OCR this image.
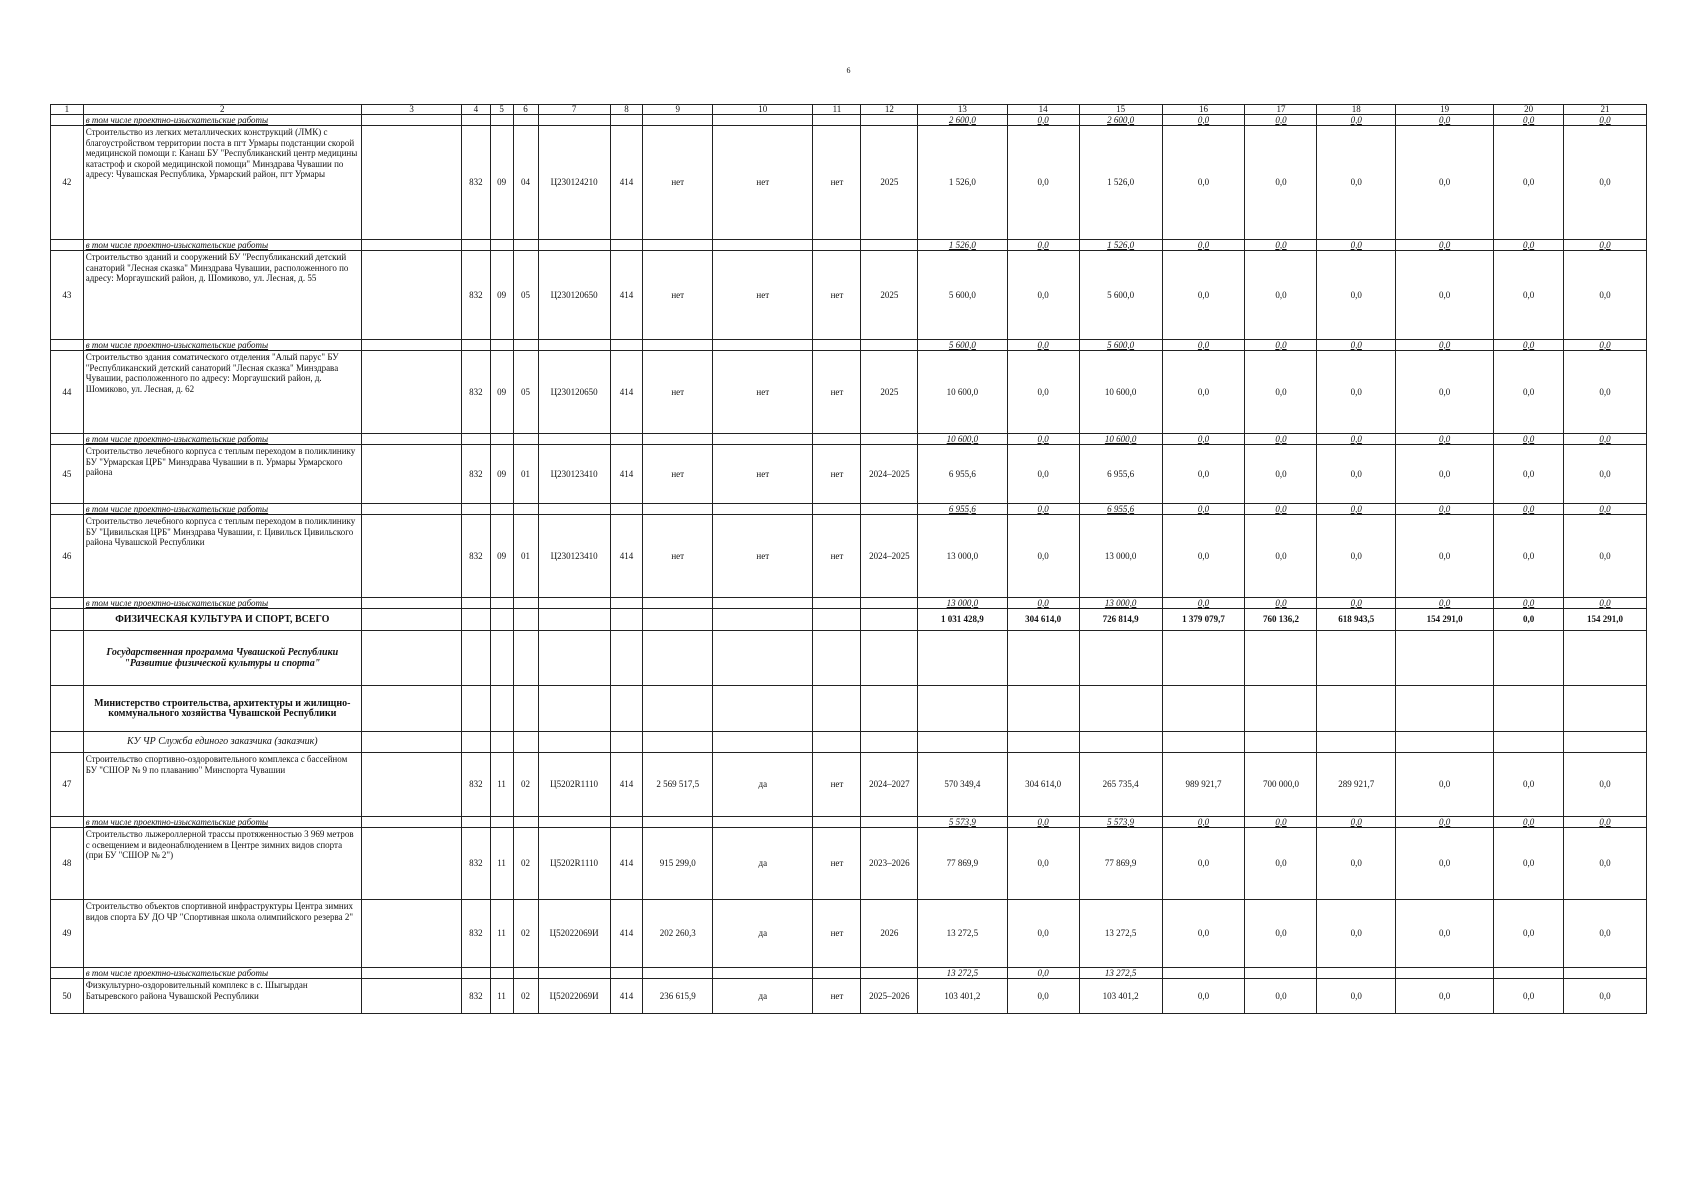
6
1	2	3	4	5	6	7	8	9	10	11	12	13	14	15	16	17	18	19	20	21
	в том числе проектно-изыскательские работы											2 600,0	0,0	2 600,0	0,0	0,0	0,0	0,0	0,0	0,0
42	Строительство из легких металлических конструкций (ЛМК) с благоустройством территории поста в пгт Урмары подстанции скорой медицинской помощи г. Канаш БУ "Республиканский центр медицины катастроф и скорой медицинской помощи" Минздрава Чувашии по адресу: Чувашская Республика, Урмарский район, пгт Урмары		832	09	04	Ц230124210	414	нет	нет	нет	2025	1 526,0	0,0	1 526,0	0,0	0,0	0,0	0,0	0,0	0,0
	в том числе проектно-изыскательские работы											1 526,0	0,0	1 526,0	0,0	0,0	0,0	0,0	0,0	0,0
43	Строительство зданий и сооружений БУ "Республиканский детский санаторий "Лесная сказка" Минздрава Чувашии, расположенного по адресу: Моргаушский район, д. Шомиково, ул. Лесная, д. 55		832	09	05	Ц230120650	414	нет	нет	нет	2025	5 600,0	0,0	5 600,0	0,0	0,0	0,0	0,0	0,0	0,0
	в том числе проектно-изыскательские работы											5 600,0	0,0	5 600,0	0,0	0,0	0,0	0,0	0,0	0,0
44	Строительство здания соматического отделения "Алый парус" БУ "Республиканский детский санаторий "Лесная сказка" Минздрава Чувашии, расположенного по адресу: Моргаушский район, д. Шомиково, ул. Лесная, д. 62		832	09	05	Ц230120650	414	нет	нет	нет	2025	10 600,0	0,0	10 600,0	0,0	0,0	0,0	0,0	0,0	0,0
	в том числе проектно-изыскательские работы											10 600,0	0,0	10 600,0	0,0	0,0	0,0	0,0	0,0	0,0
45	Строительство лечебного корпуса с теплым переходом в поликлинику БУ "Урмарская ЦРБ" Минздрава Чувашии в п. Урмары Урмарского района		832	09	01	Ц230123410	414	нет	нет	нет	2024–2025	6 955,6	0,0	6 955,6	0,0	0,0	0,0	0,0	0,0	0,0
	в том числе проектно-изыскательские работы											6 955,6	0,0	6 955,6	0,0	0,0	0,0	0,0	0,0	0,0
46	Строительство лечебного корпуса с теплым переходом в поликлинику БУ "Цивильская ЦРБ" Минздрава Чувашии, г. Цивильск Цивильского района Чувашской Республики		832	09	01	Ц230123410	414	нет	нет	нет	2024–2025	13 000,0	0,0	13 000,0	0,0	0,0	0,0	0,0	0,0	0,0
	в том числе проектно-изыскательские работы											13 000,0	0,0	13 000,0	0,0	0,0	0,0	0,0	0,0	0,0
	ФИЗИЧЕСКАЯ КУЛЬТУРА И СПОРТ, ВСЕГО											1 031 428,9	304 614,0	726 814,9	1 379 079,7	760 136,2	618 943,5	154 291,0	0,0	154 291,0
	Государственная программа Чувашской Республики "Развитие физической культуры и спорта"																			
	Министерство строительства, архитектуры и жилищно-коммунального хозяйства Чувашской Республики																			
	КУ ЧР Служба единого заказчика (заказчик)																			
47	Строительство спортивно-оздоровительного комплекса с бассейном БУ "СШОР № 9 по плаванию" Минспорта Чувашии		832	11	02	Ц5202R1110	414	2 569 517,5	да	нет	2024–2027	570 349,4	304 614,0	265 735,4	989 921,7	700 000,0	289 921,7	0,0	0,0	0,0
	в том числе проектно-изыскательские работы											5 573,9	0,0	5 573,9	0,0	0,0	0,0	0,0	0,0	0,0
48	Строительство лыжероллерной трассы протяженностью 3 969 метров с освещением и видеонаблюдением в Центре зимних видов спорта (при БУ "СШОР № 2")		832	11	02	Ц5202R1110	414	915 299,0	да	нет	2023–2026	77 869,9	0,0	77 869,9	0,0	0,0	0,0	0,0	0,0	0,0
49	Строительство объектов спортивной инфраструктуры Центра зимних видов спорта БУ ДО ЧР "Спортивная школа олимпийского резерва 2"		832	11	02	Ц52022069И	414	202 260,3	да	нет	2026	13 272,5	0,0	13 272,5	0,0	0,0	0,0	0,0	0,0	0,0
	в том числе проектно-изыскательские работы											13 272,5	0,0	13 272,5						
50	Физкультурно-оздоровительный комплекс в с. Шыгырдан Батыревского района Чувашской Республики		832	11	02	Ц52022069И	414	236 615,9	да	нет	2025–2026	103 401,2	0,0	103 401,2	0,0	0,0	0,0	0,0	0,0	0,0
